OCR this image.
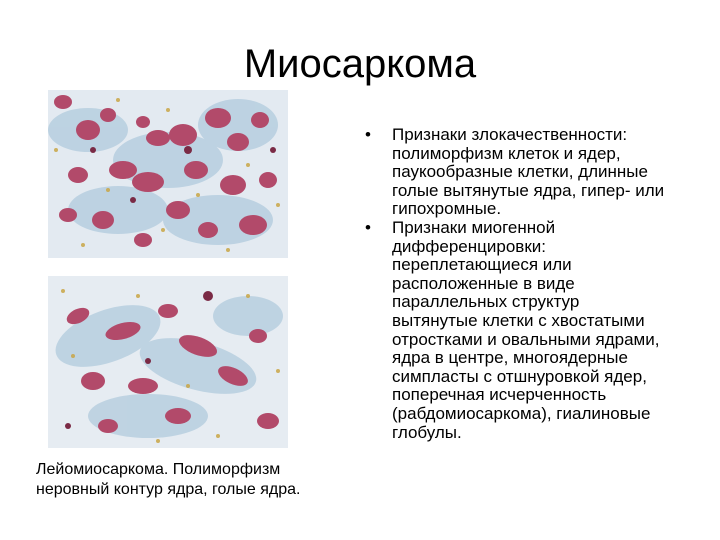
Миосаркома
Лейомиосаркома. Полиморфизм
неровный контур ядра, голые ядра.
• Признаки злокачественности:
полиморфизм клеток и ядер,
паукообразные клетки, длинные
голые вытянутые ядра, гипер- или
гипохромные.
• Признаки миогенной
дифференцировки:
переплетающиеся или
расположенные в виде
параллельных структур
вытянутые клетки с хвостатыми
отростками и овальными ядрами,
ядра в центре, многоядерные
симпласты с отшнуровкой ядер,
поперечная исчерченность
(рабдомиосаркома), гиалиновые
глобулы.
